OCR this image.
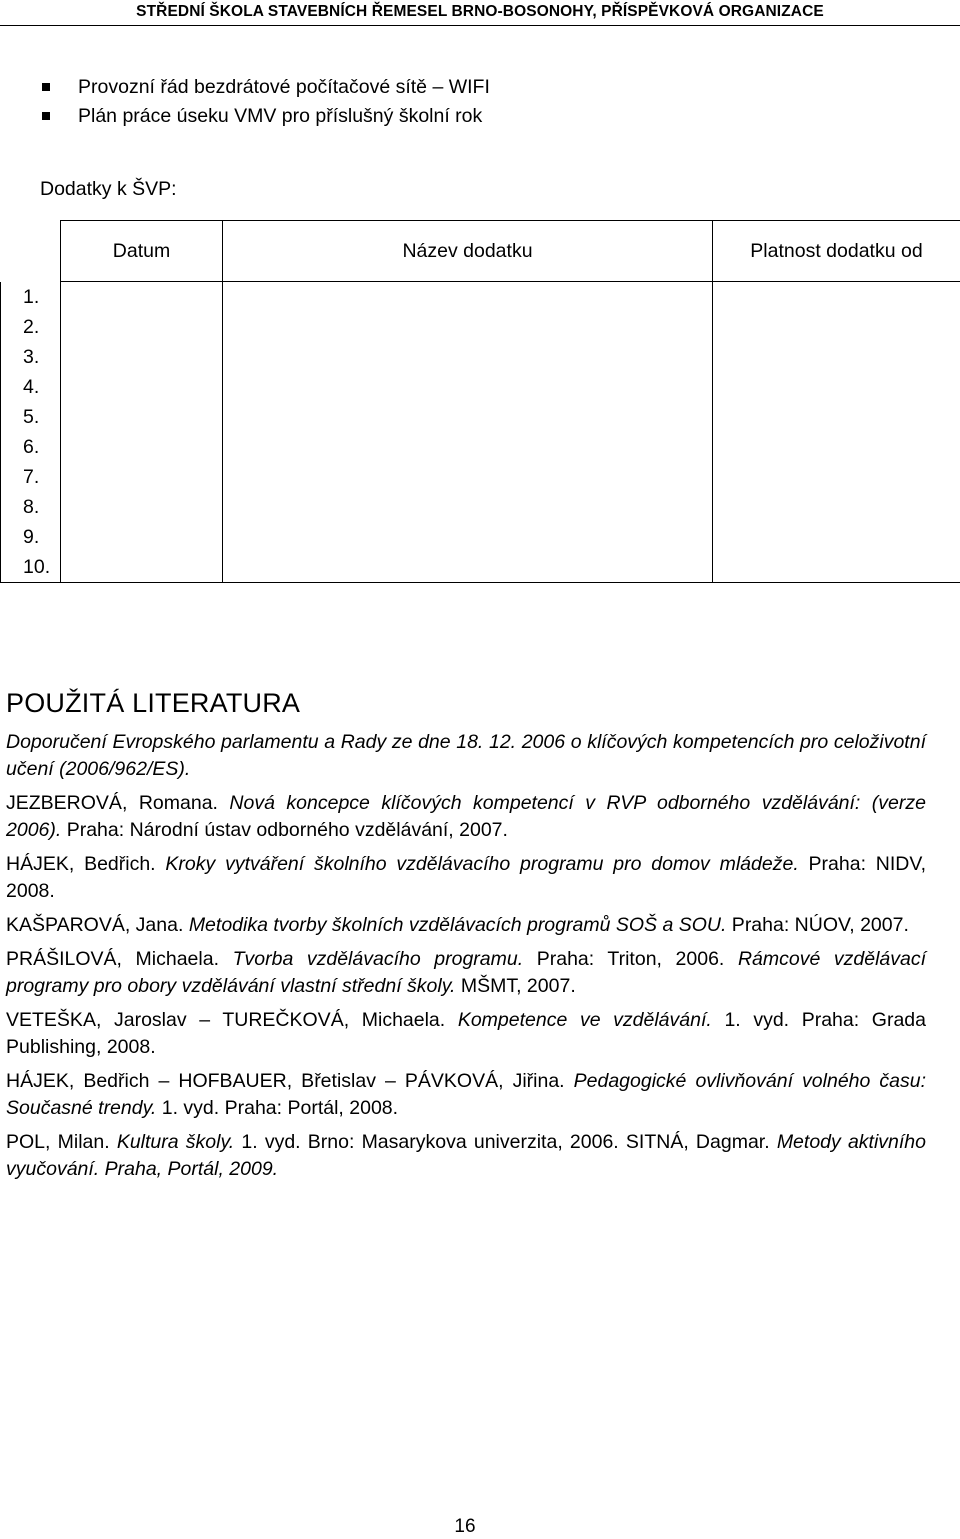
STŘEDNÍ ŠKOLA STAVEBNÍCH ŘEMESEL BRNO-BOSONOHY, PŘÍSPĚVKOVÁ ORGANIZACE
Provozní řád bezdrátové počítačové sítě – WIFI
Plán práce úseku VMV pro příslušný školní rok
Dodatky k ŠVP:
	Datum	Název dodatku	Platnost dodatku od
1.			
2.			
3.			
4.			
5.			
6.			
7.			
8.			
9.			
10.			
POUŽITÁ LITERATURA

Doporučení Evropského parlamentu a Rady ze dne 18. 12. 2006 o klíčových kompetencích pro celoživotní učení (2006/962/ES).

JEZBEROVÁ, Romana. Nová koncepce klíčových kompetencí v RVP odborného vzdělávání: (verze 2006). Praha: Národní ústav odborného vzdělávání, 2007.

HÁJEK, Bedřich. Kroky vytváření školního vzdělávacího programu pro domov mládeže. Praha: NIDV, 2008.

KAŠPAROVÁ, Jana. Metodika tvorby školních vzdělávacích programů SOŠ a SOU. Praha: NÚOV, 2007.

PRÁŠILOVÁ, Michaela. Tvorba vzdělávacího programu. Praha: Triton, 2006. Rámcové vzdělávací programy pro obory vzdělávání vlastní střední školy. MŠMT, 2007.

VETEŠKA, Jaroslav – TUREČKOVÁ, Michaela. Kompetence ve vzdělávání. 1. vyd. Praha: Grada Publishing, 2008.

HÁJEK, Bedřich – HOFBAUER, Břetislav – PÁVKOVÁ, Jiřina. Pedagogické ovlivňování volného času: Současné trendy. 1. vyd. Praha: Portál, 2008.

POL, Milan. Kultura školy. 1. vyd. Brno: Masarykova univerzita, 2006. SITNÁ, Dagmar. Metody aktivního vyučování. Praha, Portál, 2009.

16
